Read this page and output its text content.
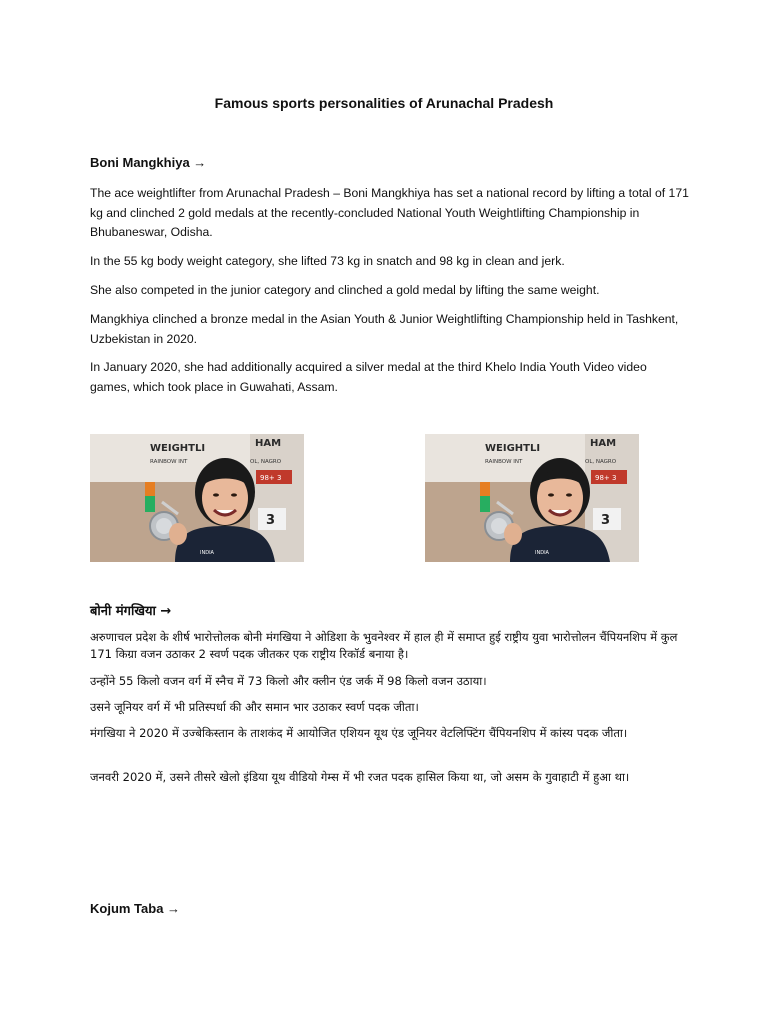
Famous sports personalities of Arunachal Pradesh
Boni Mangkhiya →
The ace weightlifter from Arunachal Pradesh – Boni Mangkhiya has set a national record by lifting a total of 171 kg and clinched 2 gold medals at the recently-concluded National Youth Weightlifting Championship in Bhubaneswar, Odisha.
In the 55 kg body weight category, she lifted 73 kg in snatch and 98 kg in clean and jerk.
She also competed in the junior category and clinched a gold medal by lifting the same weight.
Mangkhiya clinched a bronze medal in the Asian Youth & Junior Weightlifting Championship held in Tashkent, Uzbekistan in 2020.
In January 2020, she had additionally acquired a silver medal at the third Khelo India Youth Video video games, which took place in Guwahati, Assam.
WEIGHTLI	HAM
RAINBOW INT	OL, NAGRO
98+ 3
3
INDIA
WEIGHTLI	HAM
RAINBOW INT	OL, NAGRO
98+ 3
3
INDIA
बोनी मंगखिया →
अरुणाचल प्रदेश के शीर्ष भारोत्तोलक बोनी मंगखिया ने ओडिशा के भुवनेश्वर में हाल ही में समाप्त हुई राष्ट्रीय युवा भारोत्तोलन चैंपियनशिप में कुल 171 किग्रा वजन उठाकर 2 स्वर्ण पदक जीतकर एक राष्ट्रीय रिकॉर्ड बनाया है।
उन्होंने 55 किलो वजन वर्ग में स्नैच में 73 किलो और क्लीन एंड जर्क में 98 किलो वजन उठाया।
उसने जूनियर वर्ग में भी प्रतिस्पर्धा की और समान भार उठाकर स्वर्ण पदक जीता।
मंगखिया ने 2020 में उज्बेकिस्तान के ताशकंद में आयोजित एशियन यूथ एंड जूनियर वेटलिफ्टिंग चैंपियनशिप में कांस्य पदक जीता।
जनवरी 2020 में, उसने तीसरे खेलो इंडिया यूथ वीडियो गेम्स में भी रजत पदक हासिल किया था, जो असम के गुवाहाटी में हुआ था।
Kojum Taba →
